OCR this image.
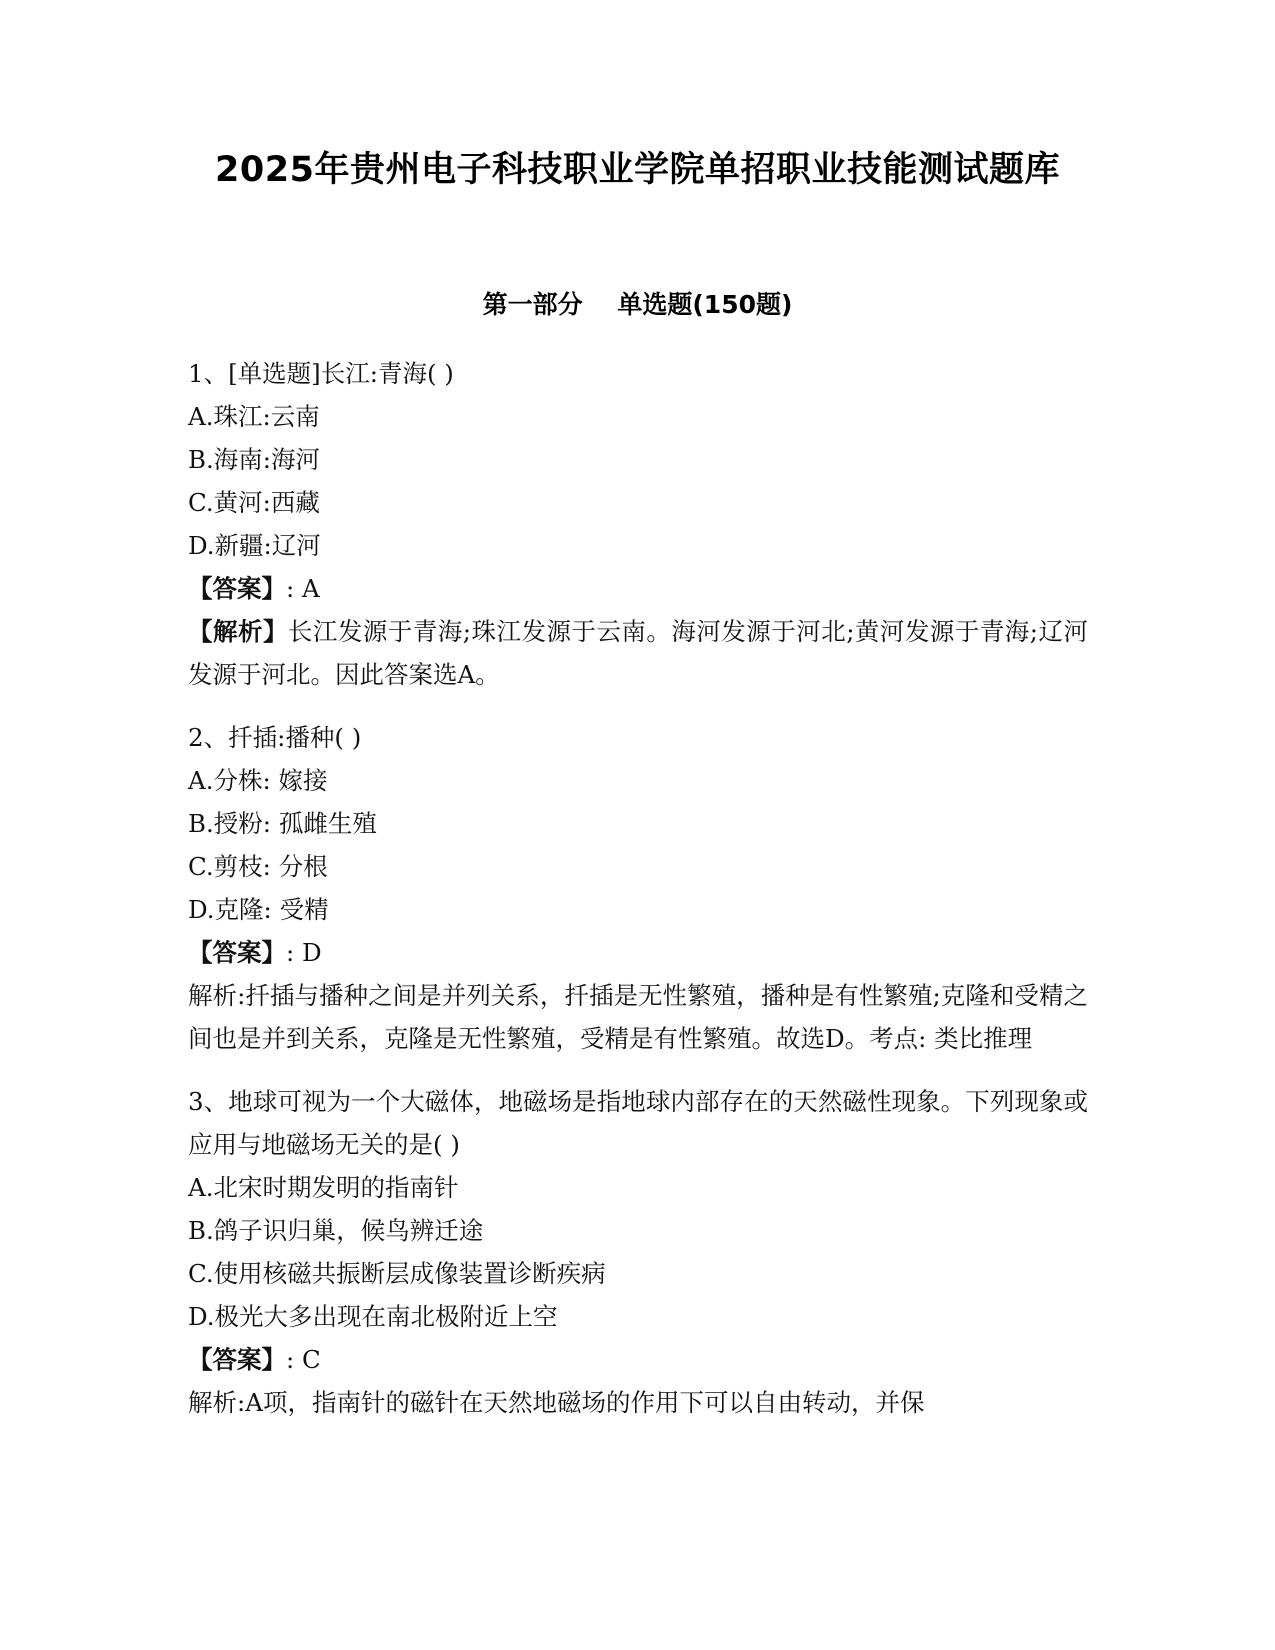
2025年贵州电子科技职业学院单招职业技能测试题库
第一部分    单选题(150题)

1、[单选题]长江:青海( )

A.珠江:云南

B.海南:海河

C.黄河:西藏

D.新疆:辽河

【答案】: A

【解析】长江发源于青海;珠江发源于云南。海河发源于河北;黄河发源于青海;辽河发源于河北。因此答案选A。

2、扦插:播种( )

A.分株: 嫁接

B.授粉: 孤雌生殖

C.剪枝: 分根

D.克隆: 受精

【答案】: D

解析:扦插与播种之间是并列关系，扦插是无性繁殖，播种是有性繁殖;克隆和受精之间也是并到关系，克隆是无性繁殖，受精是有性繁殖。故选D。考点: 类比推理

3、地球可视为一个大磁体，地磁场是指地球内部存在的天然磁性现象。下列现象或应用与地磁场无关的是( )

A.北宋时期发明的指南针

B.鸽子识归巢，候鸟辨迁途

C.使用核磁共振断层成像装置诊断疾病

D.极光大多出现在南北极附近上空

【答案】: C

解析:A项，指南针的磁针在天然地磁场的作用下可以自由转动，并保
